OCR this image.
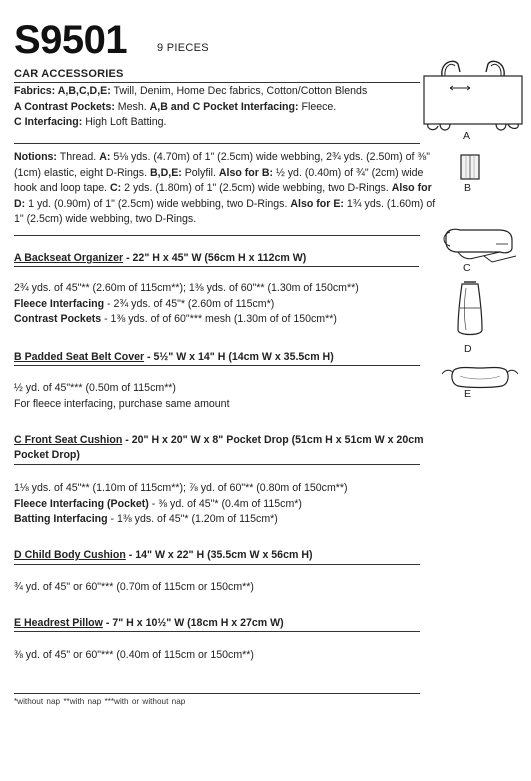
S9501	9 PIECES
CAR ACCESSORIES
Fabrics: A,B,C,D,E: Twill, Denim, Home Dec fabrics, Cotton/Cotton Blends
A Contrast Pockets: Mesh. A,B and C Pocket Interfacing: Fleece.
C Interfacing: High Loft Batting.
Notions: Thread. A: 5⅛ yds. (4.70m) of 1" (2.5cm) wide webbing, 2¾ yds. (2.50m) of ⅜"
(1cm) elastic, eight D-Rings. B,D,E: Polyfil. Also for B: ½ yd. (0.40m) of ¾" (2cm) wide
hook and loop tape. C: 2 yds. (1.80m) of 1" (2.5cm) wide webbing, two D-Rings. Also for
D: 1 yd. (0.90m) of 1" (2.5cm) wide webbing, two D-Rings. Also for E: 1¾ yds. (1.60m) of
1" (2.5cm) wide webbing, two D-Rings.
A Backseat Organizer - 22" H x 45" W (56cm H x 112cm W)
2¾ yds. of 45"** (2.60m of 115cm**); 1⅜ yds. of 60"** (1.30m of 150cm**)
Fleece Interfacing - 2¾ yds. of 45"* (2.60m of 115cm*)
Contrast Pockets - 1⅜ yds. of of 60"*** mesh (1.30m of of 150cm**)
B Padded Seat Belt Cover - 5½" W x 14" H (14cm W x 35.5cm H)
½ yd. of 45"*** (0.50m of 115cm**)
For fleece interfacing, purchase same amount
C Front Seat Cushion - 20" H x 20" W x 8" Pocket Drop (51cm H x 51cm W x 20cm
Pocket Drop)
1⅛ yds. of 45"** (1.10m of 115cm**); ⅞ yd. of 60"** (0.80m of 150cm**)
Fleece Interfacing (Pocket) - ⅜ yd. of 45"* (0.4m of 115cm*)
Batting Interfacing - 1⅜ yds. of 45"* (1.20m of 115cm*)
D Child Body Cushion - 14" W x 22" H (35.5cm W x 56cm H)
¾ yd. of 45" or 60"*** (0.70m of 115cm or 150cm**)
E Headrest Pillow - 7" H x 10½" W (18cm H x 27cm W)
⅜ yd. of 45" or 60"*** (0.40m of 115cm or 150cm**)
*without nap **with nap ***with or without nap
A
B
C
D
E
